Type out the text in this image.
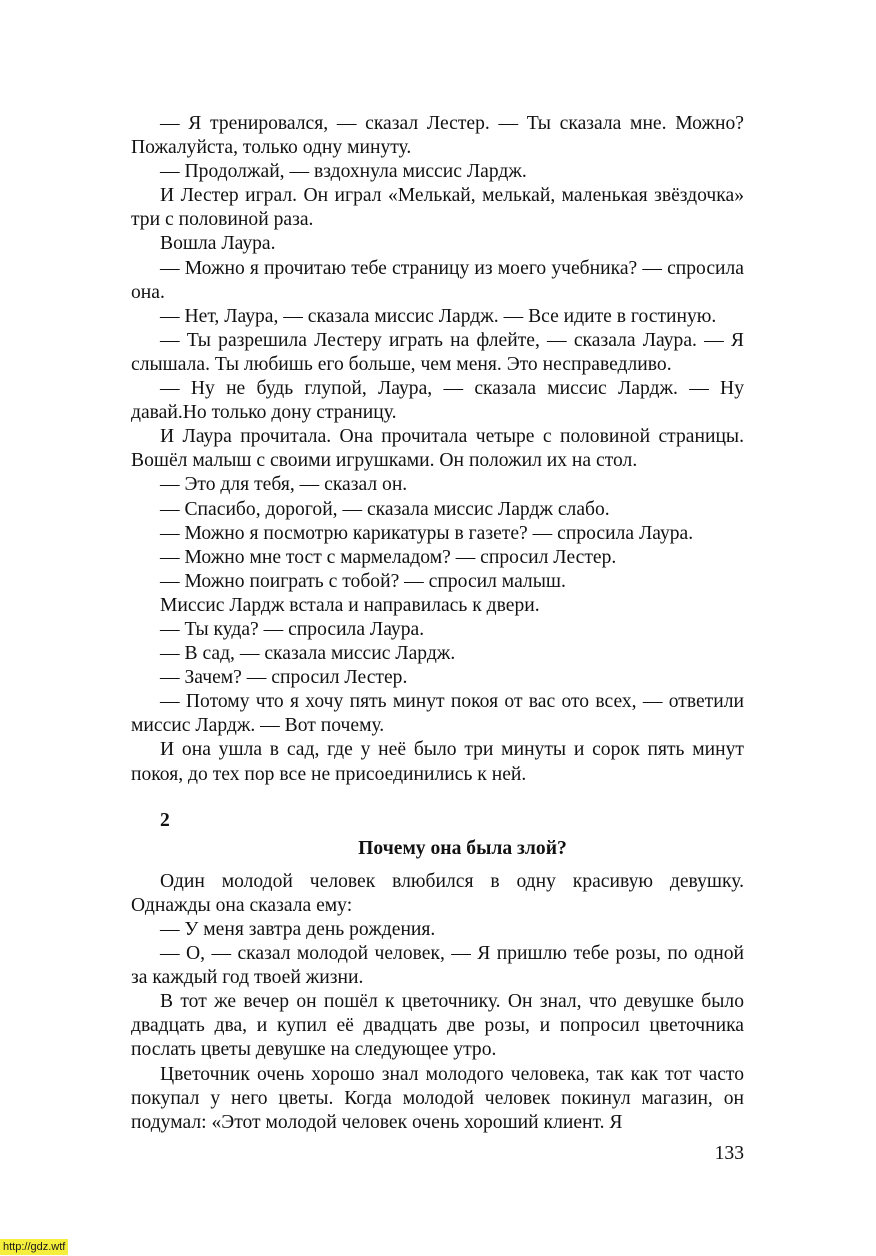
— Я тренировался, — сказал Лестер. — Ты сказала мне. Можно? Пожалуйста, только одну минуту.

— Продолжай, — вздохнула миссис Лардж.

И Лестер играл. Он играл «Мелькай, мелькай, маленькая звёздочка» три с половиной раза.

Вошла Лаура.

— Можно я прочитаю тебе страницу из моего учебника? — спросила она.

— Нет, Лаура, — сказала миссис Лардж. — Все идите в гостиную.

— Ты разрешила Лестеру играть на флейте, — сказала Лаура. — Я слышала. Ты любишь его больше, чем меня. Это несправедливо.

— Ну не будь глупой, Лаура, — сказала миссис Лардж. — Ну давай.Но только дону страницу.

И Лаура прочитала. Она прочитала четыре с половиной страницы. Вошёл малыш с своими игрушками. Он положил их на стол.

— Это для тебя, — сказал он.

— Спасибо, дорогой, — сказала миссис Лардж слабо.

— Можно я посмотрю карикатуры в газете? — спросила Лаура.

— Можно мне тост с мармеладом? — спросил Лестер.

— Можно поиграть с тобой? — спросил малыш.

Миссис Лардж встала и направилась к двери.

— Ты куда? — спросила Лаура.

— В сад, — сказала миссис Лардж.

— Зачем? — спросил Лестер.

— Потому что я хочу пять минут покоя от вас ото всех, — ответили миссис Лардж. — Вот почему.

И она ушла в сад, где у неё было три минуты и сорок пять минут покоя, до тех пор все не присоединились к ней.

2

Почему она была злой?

Один молодой человек влюбился в одну красивую девушку. Однажды она сказала ему:

— У меня завтра день рождения.

— О, — сказал молодой человек, — Я пришлю тебе розы, по одной за каждый год твоей жизни.

В тот же вечер он пошёл к цветочнику. Он знал, что девушке было двадцать два, и купил её двадцать две розы, и попросил цветочника послать цветы девушке на следующее утро.

Цветочник очень хорошо знал молодого человека, так как тот часто покупал у него цветы. Когда молодой человек покинул магазин, он подумал: «Этот молодой человек очень хороший клиент. Я

133
http://gdz.wtf
